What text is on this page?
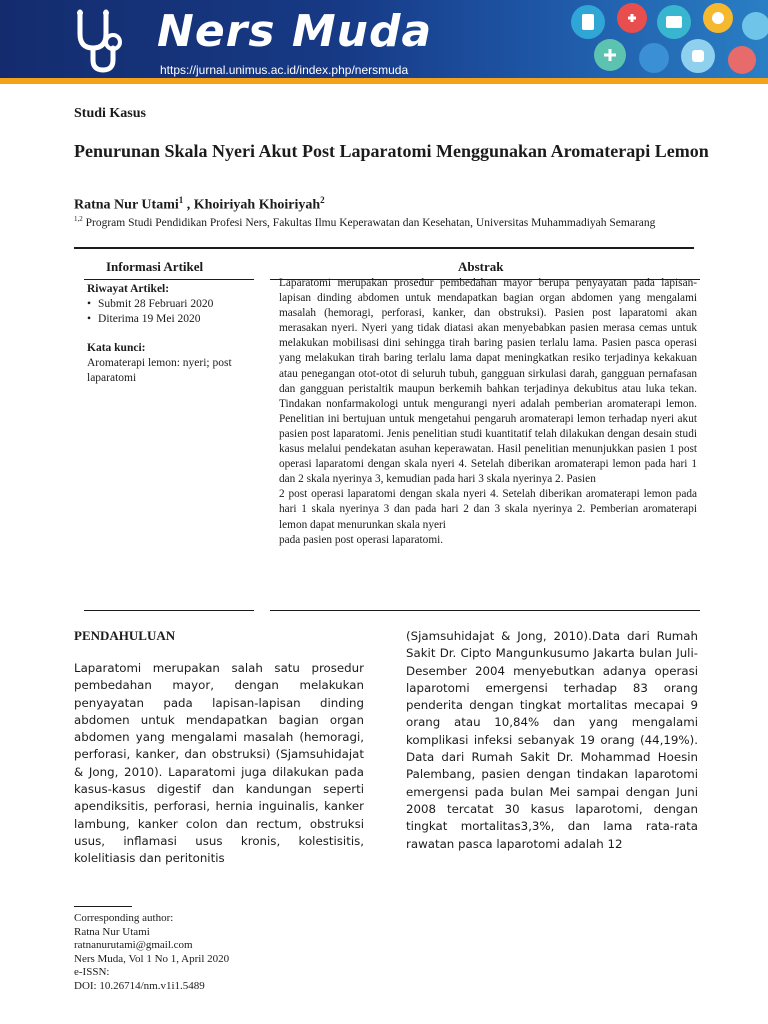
Ners Muda
https://jurnal.unimus.ac.id/index.php/nersmuda
Studi Kasus
Penurunan Skala Nyeri Akut Post Laparatomi Menggunakan Aromaterapi Lemon
Ratna Nur Utami$^1$ , Khoiriyah Khoiriyah$^2$
$^{1,2}$ Program Studi Pendidikan Profesi Ners, Fakultas Ilmu Keperawatan dan Kesehatan, Universitas Muhammadiyah Semarang
Informasi Artikel
Riwayat Artikel:
• Submit 28 Februari 2020
• Diterima 19 Mei 2020
Kata kunci:
Aromaterapi lemon: nyeri; post laparatomi
Abstrak

Laparatomi merupakan prosedur pembedahan mayor berupa penyayatan pada lapisan-lapisan dinding abdomen untuk mendapatkan bagian organ abdomen yang mengalami masalah (hemoragi, perforasi, kanker, dan obstruksi). Pasien post laparatomi akan merasakan nyeri. Nyeri yang tidak diatasi akan menyebabkan pasien merasa cemas untuk melakukan mobilisasi dini sehingga tirah baring pasien terlalu lama. Pasien pasca operasi yang melakukan tirah baring terlalu lama dapat meningkatkan resiko terjadinya kekakuan atau penegangan otot-otot di seluruh tubuh, gangguan sirkulasi darah, gangguan pernafasan dan gangguan peristaltik maupun berkemih bahkan terjadinya dekubitus atau luka tekan. Tindakan nonfarmakologi untuk mengurangi nyeri adalah pemberian aromaterapi lemon. Penelitian ini bertujuan untuk mengetahui pengaruh aromaterapi lemon terhadap nyeri akut pasien post laparatomi. Jenis penelitian studi kuantitatif telah dilakukan dengan desain studi kasus melalui pendekatan asuhan keperawatan. Hasil penelitian menunjukkan pasien 1 post operasi laparatomi dengan skala nyeri 4. Setelah diberikan aromaterapi lemon pada hari 1 dan 2 skala nyerinya 3, kemudian pada hari 3 skala nyerinya 2. Pasien

2 post operasi laparatomi dengan skala nyeri 4. Setelah diberikan aromaterapi lemon pada hari 1 skala nyerinya 3 dan pada hari 2 dan 3 skala nyerinya 2. Pemberian aromaterapi lemon dapat menurunkan skala nyeri

pada pasien post operasi laparatomi.

PENDAHULUAN
Laparatomi merupakan salah satu prosedur pembedahan mayor, dengan melakukan penyayatan pada lapisan-lapisan dinding abdomen untuk mendapatkan bagian organ abdomen yang mengalami masalah (hemoragi, perforasi, kanker, dan obstruksi) (Sjamsuhidajat & Jong, 2010). Laparatomi juga dilakukan pada kasus-kasus digestif dan kandungan seperti apendiksitis, perforasi, hernia inguinalis, kanker lambung, kanker colon dan rectum, obstruksi usus, inflamasi usus kronis, kolestisitis, kolelitiasis dan peritonitis
(Sjamsuhidajat & Jong, 2010).Data dari Rumah Sakit Dr. Cipto Mangunkusumo Jakarta bulan Juli-Desember 2004 menyebutkan adanya operasi laparotomi emergensi terhadap 83 orang penderita dengan tingkat mortalitas mecapai 9 orang atau 10,84% dan yang mengalami komplikasi infeksi sebanyak 19 orang (44,19%). Data dari Rumah Sakit Dr. Mohammad Hoesin Palembang, pasien dengan tindakan laparotomi emergensi pada bulan Mei sampai dengan Juni 2008 tercatat 30 kasus laparotomi, dengan tingkat mortalitas3,3%, dan lama rata-rata rawatan pasca laparotomi adalah 12
Corresponding author:
Ratna Nur Utami
ratnanurutami@gmail.com
Ners Muda, Vol 1 No 1, April 2020
e-ISSN:
DOI: 10.26714/nm.v1i1.5489
